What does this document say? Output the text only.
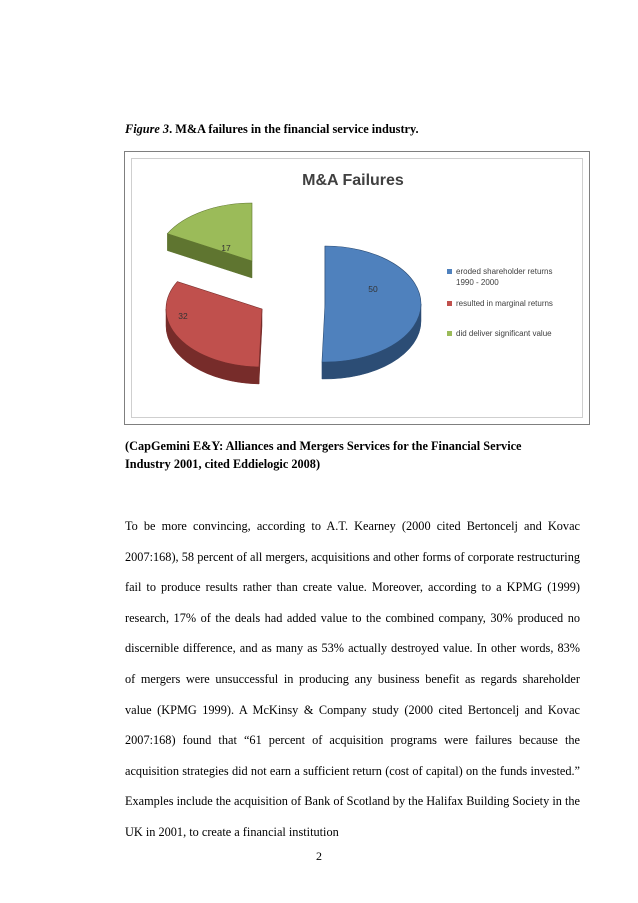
Figure 3. M&A failures in the financial service industry.
M&A Failures
50
32
17
eroded shareholder returns
1990 - 2000
resulted in marginal returns
did deliver significant value
(CapGemini E&Y: Alliances and Mergers Services for the Financial Service Industry 2001, cited Eddielogic 2008)
To be more convincing, according to A.T. Kearney (2000 cited Bertoncelj and Kovac 2007:168), 58 percent of all mergers, acquisitions and other forms of corporate restructuring fail to produce results rather than create value. Moreover, according to a KPMG (1999) research, 17% of the deals had added value to the combined company, 30% produced no discernible difference, and as many as 53% actually destroyed value. In other words, 83% of mergers were unsuccessful in producing any business benefit as regards shareholder value (KPMG 1999). A McKinsy & Company study (2000 cited Bertoncelj and Kovac 2007:168) found that “61 percent of acquisition programs were failures because the acquisition strategies did not earn a sufficient return (cost of capital) on the funds invested.” Examples include the acquisition of Bank of Scotland by the Halifax Building Society in the UK in 2001, to create a financial institution
2
